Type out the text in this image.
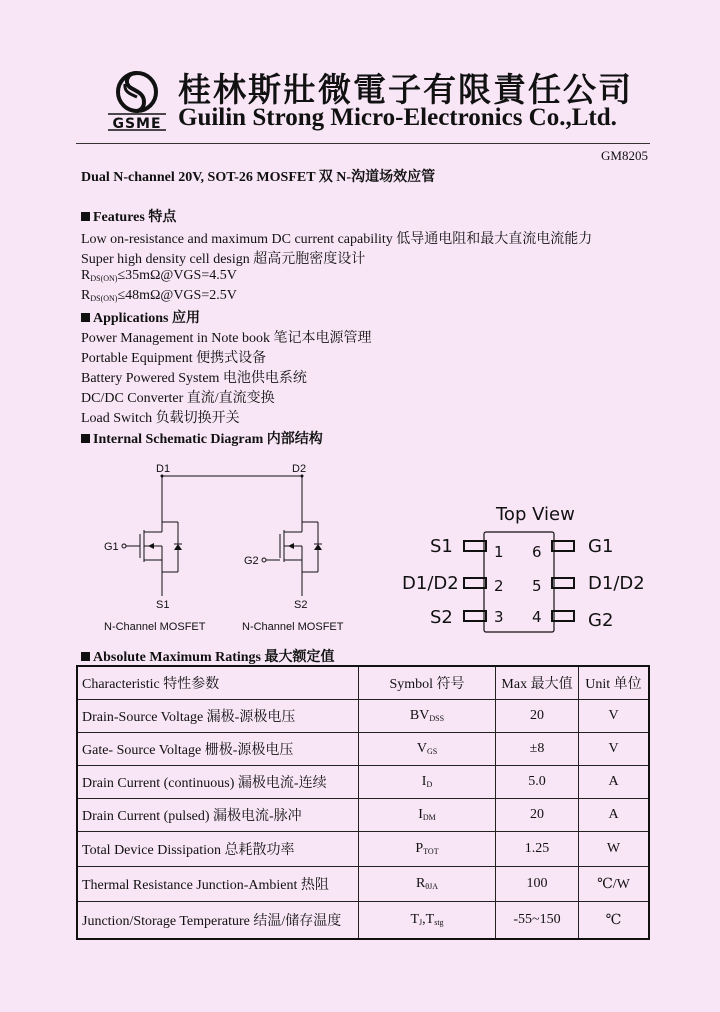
GSME
桂林斯壯微電子有限責任公司
Guilin Strong Micro-Electronics Co.,Ltd.
GM8205
Dual N-channel 20V, SOT-26 MOSFET 双 N-沟道场效应管
Features 特点
Low on-resistance and maximum DC current capability 低导通电阻和最大直流电流能力
Super high density cell design 超高元胞密度设计
$R_{DS(ON)}\le 35m\Omega@VGS=4.5V$
$R_{DS(ON)}\le 48m\Omega@VGS=2.5V$
Applications 应用
Power Management in Note book 笔记本电源管理
Portable Equipment 便携式设备
Battery Powered System 电池供电系统
DC/DC Converter 直流/直流变换
Load Switch 负载切换开关
Internal Schematic Diagram 内部结构
D1	D2
G1
G2
S1	S2
N-Channel MOSFET	N-Channel MOSFET
Top View
S1
D1/D2
S2
1
2
3
6
5
4
G1
D1/D2
G2
Absolute Maximum Ratings 最大额定值
Characteristic 特性参数	Symbol 符号	Max 最大值	Unit 单位
Drain-Source Voltage 漏极-源极电压	$BV_{DSS}$	20	V
Gate- Source Voltage 栅极-源极电压	$V_{GS}$	±8	V
Drain Current (continuous) 漏极电流-连续	$I_D$	5.0	A
Drain Current (pulsed) 漏极电流-脉冲	$I_{DM}$	20	A
Total Device Dissipation 总耗散功率	$P_{TOT}$	1.25	W
Thermal Resistance Junction-Ambient 热阻	$R_{\theta JA}$	100	℃/W
Junction/Storage Temperature 结温/储存温度	$T_J,T_{stg}$	-55~150	℃
